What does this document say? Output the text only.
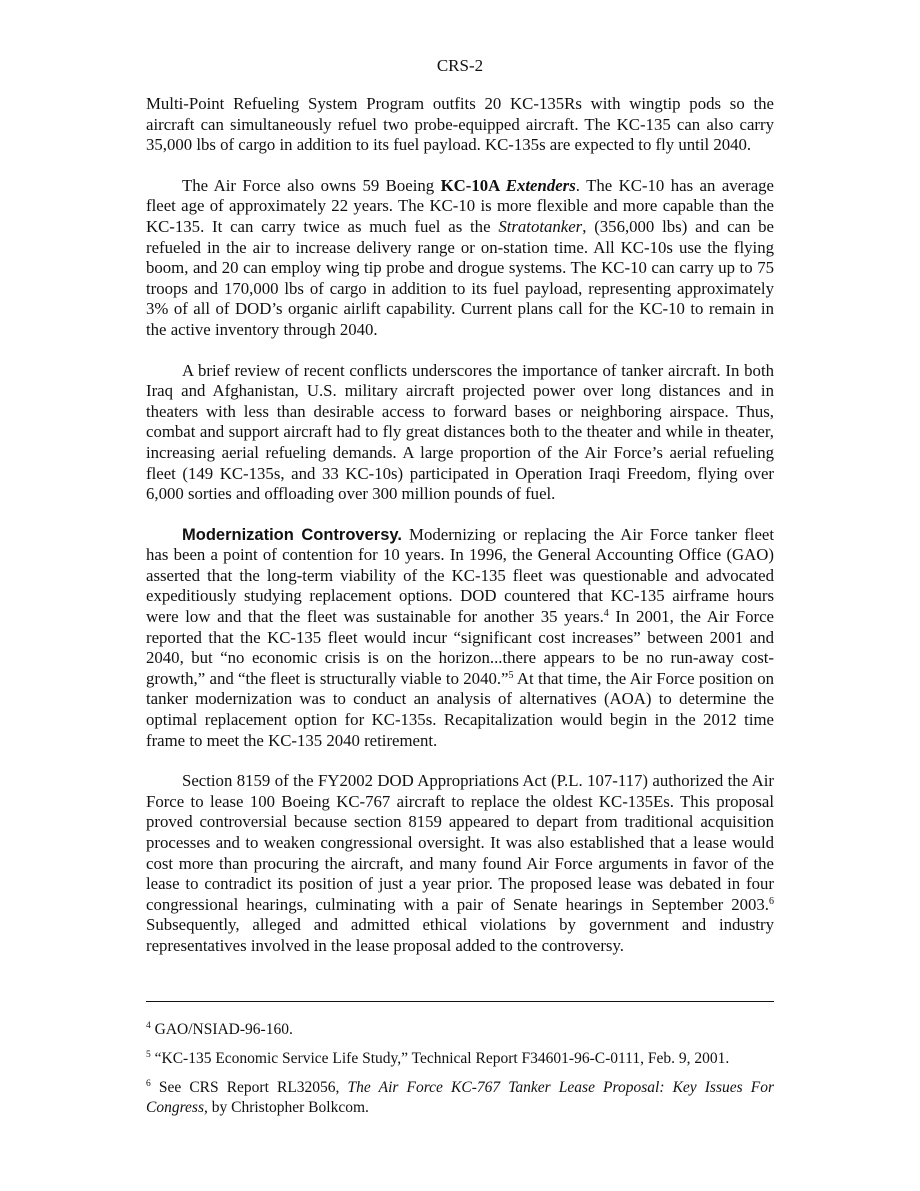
CRS-2

Multi-Point Refueling System Program outfits 20 KC-135Rs with wingtip pods so the aircraft can simultaneously refuel two probe-equipped aircraft. The KC-135 can also carry 35,000 lbs of cargo in addition to its fuel payload. KC-135s are expected to fly until 2040.

The Air Force also owns 59 Boeing KC-10A Extenders. The KC-10 has an average fleet age of approximately 22 years. The KC-10 is more flexible and more capable than the KC-135. It can carry twice as much fuel as the Stratotanker, (356,000 lbs) and can be refueled in the air to increase delivery range or on-station time. All KC-10s use the flying boom, and 20 can employ wing tip probe and drogue systems. The KC-10 can carry up to 75 troops and 170,000 lbs of cargo in addition to its fuel payload, representing approximately 3% of all of DOD’s organic airlift capability. Current plans call for the KC-10 to remain in the active inventory through 2040.

A brief review of recent conflicts underscores the importance of tanker aircraft. In both Iraq and Afghanistan, U.S. military aircraft projected power over long distances and in theaters with less than desirable access to forward bases or neighboring airspace. Thus, combat and support aircraft had to fly great distances both to the theater and while in theater, increasing aerial refueling demands. A large proportion of the Air Force’s aerial refueling fleet (149 KC-135s, and 33 KC-10s) participated in Operation Iraqi Freedom, flying over 6,000 sorties and offloading over 300 million pounds of fuel.

Modernization Controversy. Modernizing or replacing the Air Force tanker fleet has been a point of contention for 10 years. In 1996, the General Accounting Office (GAO) asserted that the long-term viability of the KC-135 fleet was questionable and advocated expeditiously studying replacement options. DOD countered that KC-135 airframe hours were low and that the fleet was sustainable for another 35 years.$^4$ In 2001, the Air Force reported that the KC-135 fleet would incur “significant cost increases” between 2001 and 2040, but “no economic crisis is on the horizon...there appears to be no run-away cost-growth,” and “the fleet is structurally viable to 2040.”$^5$ At that time, the Air Force position on tanker modernization was to conduct an analysis of alternatives (AOA) to determine the optimal replacement option for KC-135s. Recapitalization would begin in the 2012 time frame to meet the KC-135 2040 retirement.

Section 8159 of the FY2002 DOD Appropriations Act (P.L. 107-117) authorized the Air Force to lease 100 Boeing KC-767 aircraft to replace the oldest KC-135Es. This proposal proved controversial because section 8159 appeared to depart from traditional acquisition processes and to weaken congressional oversight. It was also established that a lease would cost more than procuring the aircraft, and many found Air Force arguments in favor of the lease to contradict its position of just a year prior. The proposed lease was debated in four congressional hearings, culminating with a pair of Senate hearings in September 2003.$^6$ Subsequently, alleged and admitted ethical violations by government and industry representatives involved in the lease proposal added to the controversy.

$^4$ GAO/NSIAD-96-160.

$^5$ “KC-135 Economic Service Life Study,” Technical Report F34601-96-C-0111, Feb. 9, 2001.

$^6$ See CRS Report RL32056, The Air Force KC-767 Tanker Lease Proposal: Key Issues For Congress, by Christopher Bolkcom.
